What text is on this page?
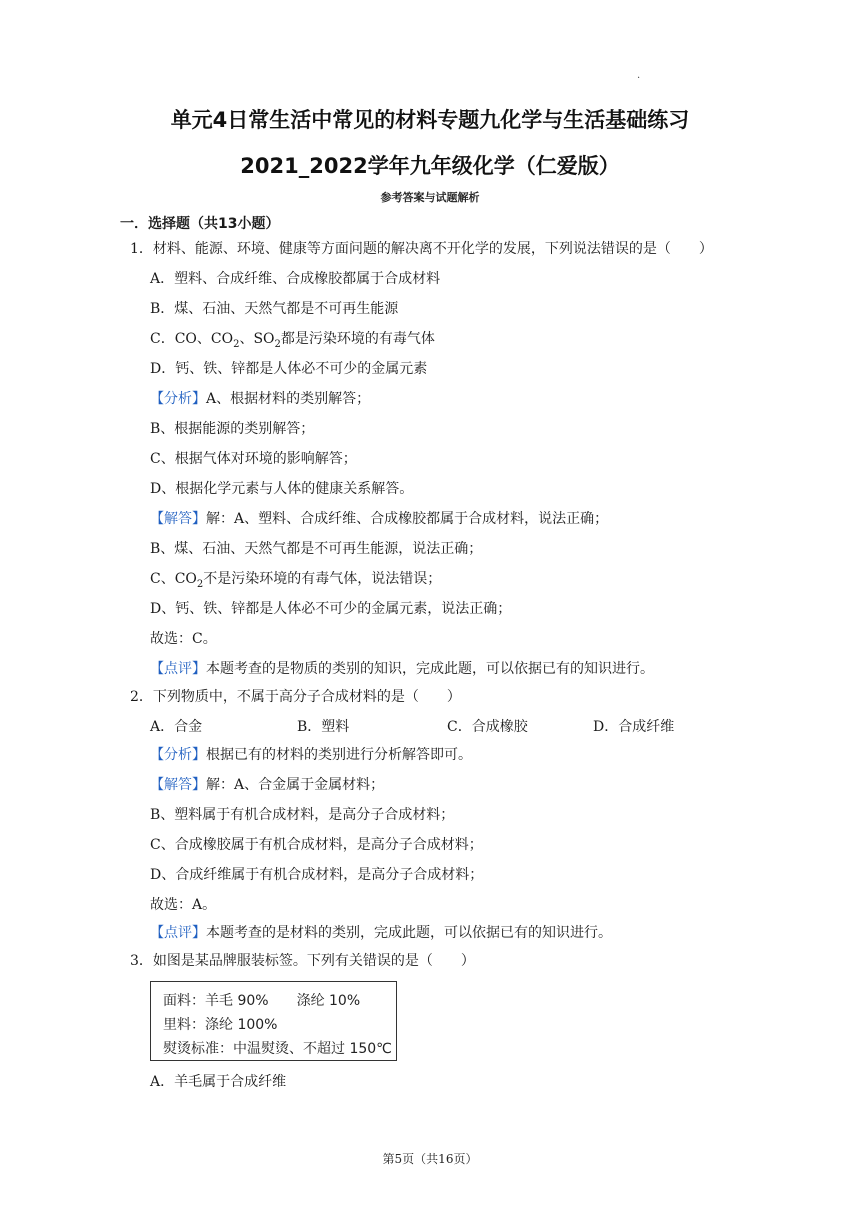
.
单元4日常生活中常见的材料专题九化学与生活基础练习
2021_2022学年九年级化学（仁爱版）
参考答案与试题解析
一．选择题（共13小题）
1．材料、能源、环境、健康等方面问题的解决离不开化学的发展，下列说法错误的是（　　）
A．塑料、合成纤维、合成橡胶都属于合成材料
B．煤、石油、天然气都是不可再生能源
C．CO、$CO_2$、$SO_2$都是污染环境的有毒气体
D．钙、铁、锌都是人体必不可少的金属元素
【分析】A、根据材料的类别解答；
B、根据能源的类别解答；
C、根据气体对环境的影响解答；
D、根据化学元素与人体的健康关系解答。
【解答】解：A、塑料、合成纤维、合成橡胶都属于合成材料，说法正确；
B、煤、石油、天然气都是不可再生能源，说法正确；
C、$CO_2$不是污染环境的有毒气体，说法错误；
D、钙、铁、锌都是人体必不可少的金属元素，说法正确；
故选：C。
【点评】本题考查的是物质的类别的知识，完成此题，可以依据已有的知识进行。
2．下列物质中，不属于高分子合成材料的是（　　）
A．合金	B．塑料	C．合成橡胶	D．合成纤维
【分析】根据已有的材料的类别进行分析解答即可。
【解答】解：A、合金属于金属材料；
B、塑料属于有机合成材料，是高分子合成材料；
C、合成橡胶属于有机合成材料，是高分子合成材料；
D、合成纤维属于有机合成材料，是高分子合成材料；
故选：A。
【点评】本题考查的是材料的类别，完成此题，可以依据已有的知识进行。
3．如图是某品牌服装标签。下列有关错误的是（　　）
面料：羊毛 90%　　涤纶 10%
里料：涤纶 100%
熨烫标准：中温熨烫、不超过 150℃
A．羊毛属于合成纤维
第5页（共16页）
